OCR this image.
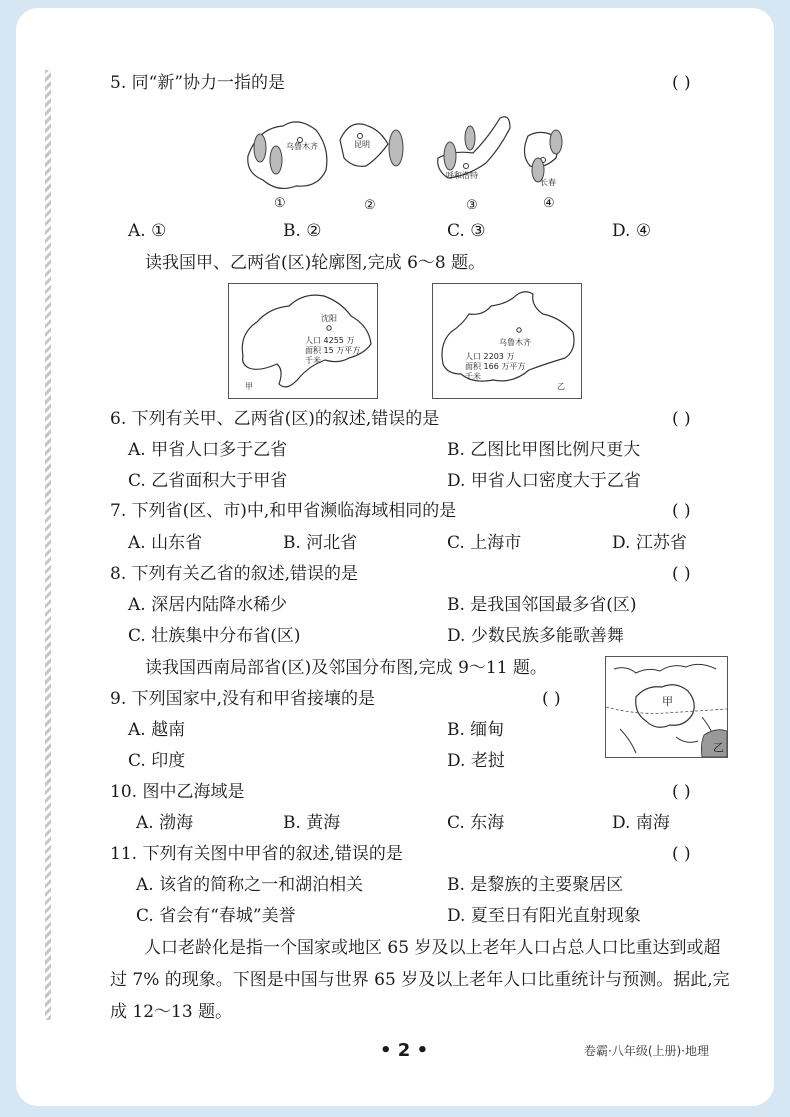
5. 同“新”协力一指的是	( )
乌鲁木齐	昆明
呼和浩特
长春
①	②	③	④
A. ①	B. ②	C. ③	D. ④
读我国甲、乙两省(区)轮廓图,完成 6～8 题。
沈阳
人口 4255 万
面积 15 万平方
千米
甲
乌鲁木齐
人口 2203 万
面积 166 万平方
千米
乙
6. 下列有关甲、乙两省(区)的叙述,错误的是	( )
A. 甲省人口多于乙省	B. 乙图比甲图比例尺更大
C. 乙省面积大于甲省	D. 甲省人口密度大于乙省
7. 下列省(区、市)中,和甲省濒临海域相同的是	( )
A. 山东省	B. 河北省	C. 上海市	D. 江苏省
8. 下列有关乙省的叙述,错误的是	( )
A. 深居内陆降水稀少	B. 是我国邻国最多省(区)
C. 壮族集中分布省(区)	D. 少数民族多能歌善舞
读我国西南局部省(区)及邻国分布图,完成 9～11 题。
甲
乙
9. 下列国家中,没有和甲省接壤的是	( )
A. 越南	B. 缅甸
C. 印度	D. 老挝
10. 图中乙海域是	( )
A. 渤海	B. 黄海	C. 东海	D. 南海
11. 下列有关图中甲省的叙述,错误的是	( )
A. 该省的简称之一和湖泊相关	B. 是黎族的主要聚居区
C. 省会有“春城”美誉	D. 夏至日有阳光直射现象
人口老龄化是指一个国家或地区 65 岁及以上老年人口占总人口比重达到或超过 7% 的现象。下图是中国与世界 65 岁及以上老年人口比重统计与预测。据此,完成 12～13 题。
• 2 •	卷霸·八年级(上册)·地理
